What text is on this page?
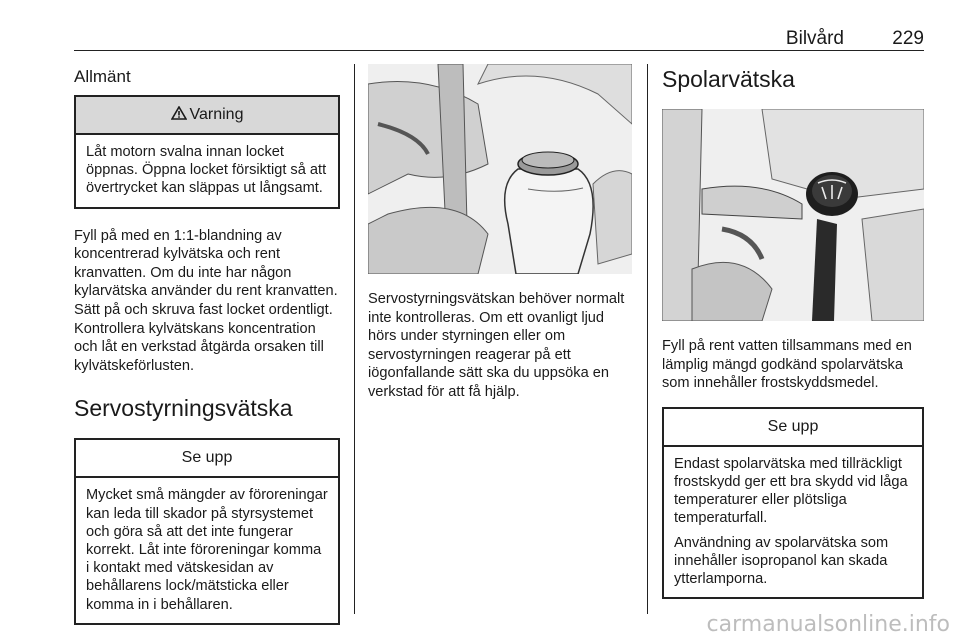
Bilvård	229
Allmänt
Varning

Låt motorn svalna innan locket öppnas. Öppna locket försiktigt så att övertrycket kan släppas ut långsamt.

Fyll på med en 1:1-blandning av koncentrerad kylvätska och rent kranvatten. Om du inte har någon kylarvätska använder du rent kranvatten. Sätt på och skruva fast locket ordentligt. Kontrollera kylvätskans koncentration och låt en verkstad åtgärda orsaken till kylvätskeförlusten.

Servostyrningsvätska
Se upp

Mycket små mängder av föroreningar kan leda till skador på styrsystemet och göra så att det inte fungerar korrekt. Låt inte föroreningar komma i kontakt med vätskesidan av behållarens lock/mätsticka eller komma in i behållaren.

Servostyrningsvätskan behöver normalt inte kontrolleras. Om ett ovanligt ljud hörs under styrningen eller om servostyrningen reagerar på ett iögonfallande sätt ska du uppsöka en verkstad för att få hjälp.

Spolarvätska

Fyll på rent vatten tillsammans med en lämplig mängd godkänd spolarvätska som innehåller frostskyddsmedel.

Se upp

Endast spolarvätska med tillräckligt frostskydd ger ett bra skydd vid låga temperaturer eller plötsliga temperaturfall.

Användning av spolarvätska som innehåller isopropanol kan skada ytterlamporna.

carmanualsonline.info
